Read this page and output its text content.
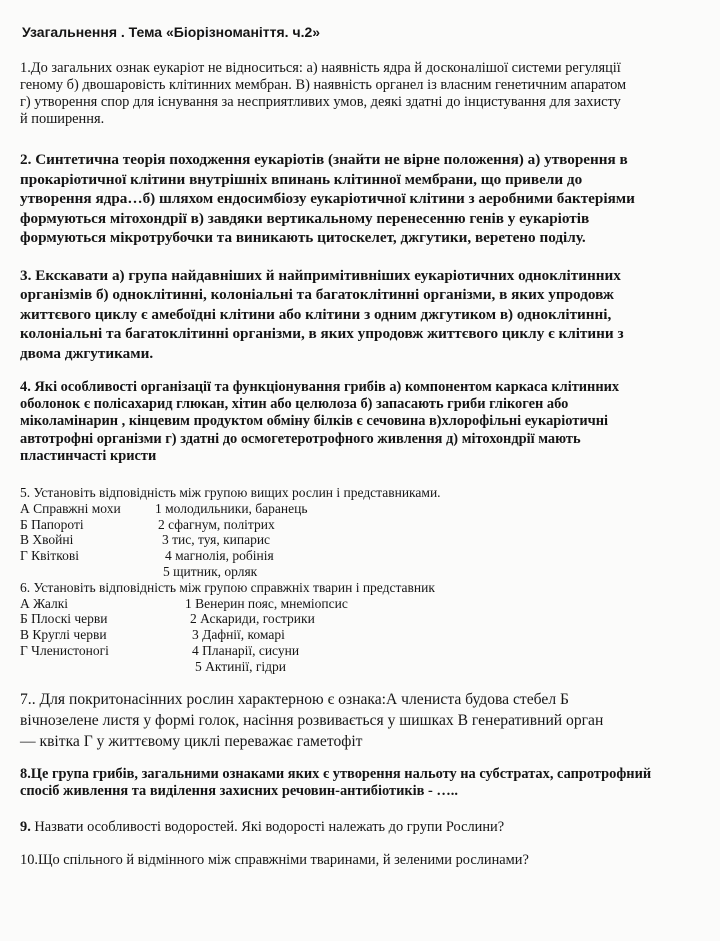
Узагальнення . Тема «Біорізноманіття. ч.2»
1.До загальних ознак еукаріот не відноситься: а) наявність ядра й досконалішої системи регуляції
геному б) двошаровість клітинних мембран. В) наявність органел із власним генетичним апаратом
г) утворення спор для існування за несприятливих умов, деякі здатні до інцистування для захисту
й поширення.
2. Синтетична теорія походження еукаріотів (знайти не вірне положення) а) утворення в
прокаріотичної клітини внутрішніх впинань клітинної мембрани, що привели до
утворення ядра…б) шляхом ендосимбіозу еукаріотичної клітини з аеробними бактеріями
формуються мітохондрії в) завдяки вертикальному перенесенню генів у еукаріотів
формуються мікротрубочки та виникають цитоскелет, джгутики, веретено поділу.
3. Екскавати а) група найдавніших й найпримітивніших еукаріотичних одноклітинних
організмів б) одноклітинні, колоніальні та багатоклітинні організми, в яких упродовж
життєвого циклу є амебоїдні клітини або клітини з одним джгутиком в) одноклітинні,
колоніальні та багатоклітинні організми, в яких упродовж життєвого циклу є клітини з
двома джгутиками.
4. Які особливості організації та функціонування грибів а) компонентом каркаса клітинних
оболонок є полісахарид глюкан, хітин або целюлоза б) запасають гриби глікоген або
міколамінарин , кінцевим продуктом обміну білків є сечовина в)хлорофільні еукаріотичні
автотрофні організми г) здатні до осмогетеротрофного живлення д) мітохондрії мають
пластинчасті кристи
5. Установіть відповідність між групою вищих рослин і представниками.
А Справжні мохи	1 молодильники, баранець
Б Папороті	2 сфагнум, політрих
В Хвойні	3 тис, туя, кипарис
Г Квіткові	4 магнолія, робінія
5 щитник, орляк
6. Установіть відповідність між групою справжніх тварин і представник
А Жалкі	1 Венерин пояс, мнеміопсис
Б Плоскі черви	2 Аскариди, гострики
В Круглі черви	3 Дафнії, комарі
Г Членистоногі	4 Планарії, сисуни
5 Актинії, гідри
7.. Для покритонасінних рослин характерною є ознака:А члениста будова стебел Б
вічнозелене листя у формі голок, насіння розвивається у шишках В генеративний орган
— квітка Г у життєвому циклі переважає гаметофіт
8.Це група грибів, загальними ознаками яких є утворення нальоту на субстратах, сапротрофний
спосіб живлення та виділення захисних речовин-антибіотиків - …..
9. Назвати особливості водоростей. Які водорості належать до групи Рослини?
10.Що спільного й відмінного між справжніми тваринами, й зеленими рослинами?
